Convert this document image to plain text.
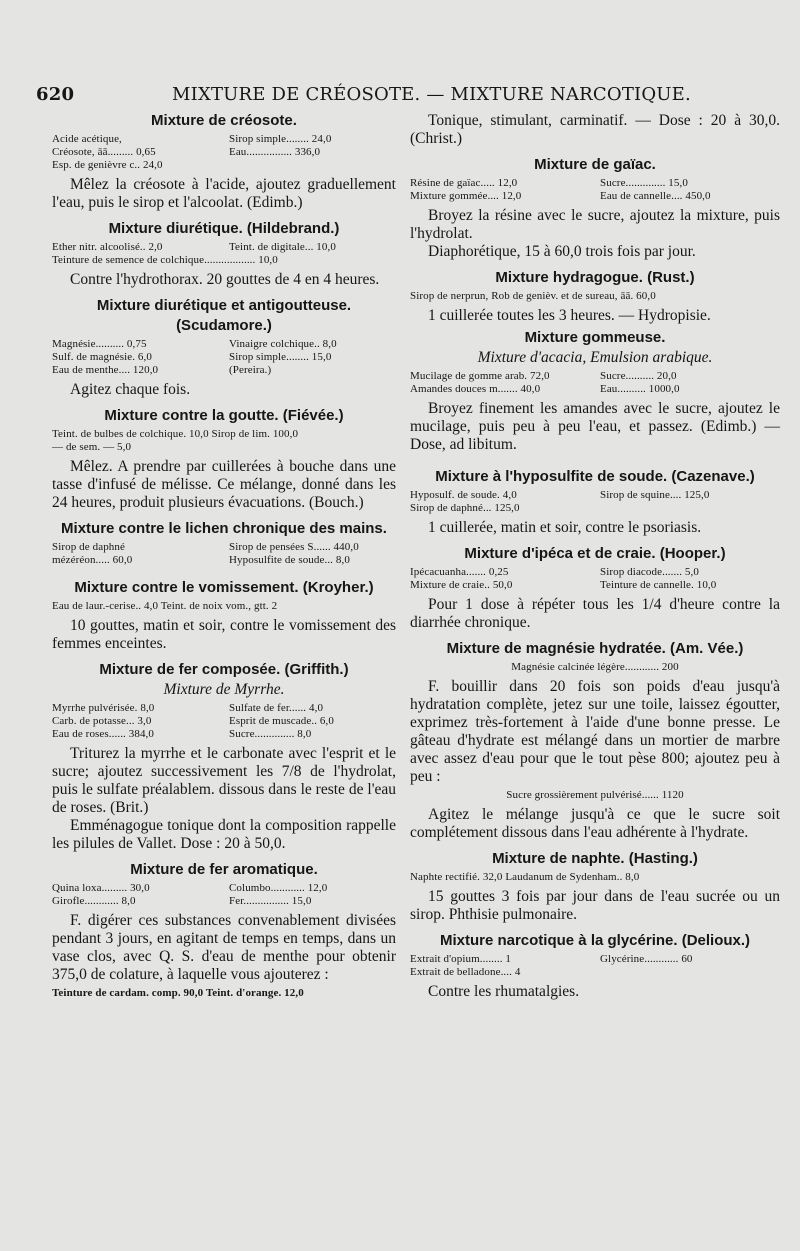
620	MIXTURE DE CRÉOSOTE. — MIXTURE NARCOTIQUE.
Mixture de créosote.
Acide acétique,	Sirop simple........ 24,0
Créosote, āā......... 0,65	Eau................ 336,0
Esp. de genièvre c.. 24,0

Mêlez la créosote à l'acide, ajoutez graduellement l'eau, puis le sirop et l'alcoolat. (Edimb.)

Mixture diurétique. (Hildebrand.)
Ether nitr. alcoolisé.. 2,0	Teint. de digitale... 10,0
Teinture de semence de colchique.................. 10,0

Contre l'hydrothorax. 20 gouttes de 4 en 4 heures.

Mixture diurétique et antigoutteuse.
(Scudamore.)
Magnésie.......... 0,75	Vinaigre colchique.. 8,0
Sulf. de magnésie. 6,0	Sirop simple........ 15,0
Eau de menthe.... 120,0	(Pereira.)

Agitez chaque fois.

Mixture contre la goutte. (Fiévée.)
Teint. de bulbes de colchique. 10,0 Sirop de lim. 100,0
— de sem. — 5,0

Mêlez. A prendre par cuillerées à bouche dans une tasse d'infusé de mélisse. Ce mélange, donné dans les 24 heures, produit plusieurs évacuations. (Bouch.)

Mixture contre le lichen chronique des mains.
Sirop de daphné	Sirop de pensées S...... 440,0
mézéréon..... 60,0	Hyposulfite de soude... 8,0
Mixture contre le vomissement. (Kroyher.)
Eau de laur.-cerise.. 4,0 Teint. de noix vom., gtt. 2

10 gouttes, matin et soir, contre le vomissement des femmes enceintes.

Mixture de fer composée. (Griffith.)
Mixture de Myrrhe.
Myrrhe pulvérisée. 8,0	Sulfate de fer...... 4,0
Carb. de potasse... 3,0	Esprit de muscade.. 6,0
Eau de roses...... 384,0	Sucre.............. 8,0

Triturez la myrrhe et le carbonate avec l'esprit et le sucre; ajoutez successivement les 7/8 de l'hydrolat, puis le sulfate préalablem. dissous dans le reste de l'eau de roses. (Brit.)

Emménagogue tonique dont la composition rappelle les pilules de Vallet. Dose : 20 à 50,0.

Mixture de fer aromatique.
Quina loxa......... 30,0	Columbo............ 12,0
Girofle............ 8,0	Fer................ 15,0

F. digérer ces substances convenablement divisées pendant 3 jours, en agitant de temps en temps, dans un vase clos, avec Q. S. d'eau de menthe pour obtenir 375,0 de colature, à laquelle vous ajouterez :

Teinture de cardam. comp. 90,0 Teint. d'orange. 12,0

Tonique, stimulant, carminatif. — Dose : 20 à 30,0. (Christ.)

Mixture de gaïac.
Résine de gaïac..... 12,0	Sucre.............. 15,0
Mixture gommée.... 12,0	Eau de cannelle.... 450,0

Broyez la résine avec le sucre, ajoutez la mixture, puis l'hydrolat.

Diaphorétique, 15 à 60,0 trois fois par jour.

Mixture hydragogue. (Rust.)
Sirop de nerprun, Rob de genièv. et de sureau, āā. 60,0

1 cuillerée toutes les 3 heures. — Hydropisie.

Mixture gommeuse.
Mixture d'acacia, Emulsion arabique.
Mucilage de gomme arab. 72,0	Sucre.......... 20,0
Amandes douces m....... 40,0	Eau.......... 1000,0

Broyez finement les amandes avec le sucre, ajoutez le mucilage, puis peu à peu l'eau, et passez. (Edimb.) — Dose, ad libitum.

Mixture à l'hyposulfite de soude. (Cazenave.)
Hyposulf. de soude. 4,0	Sirop de squine.... 125,0
Sirop de daphné... 125,0

1 cuillerée, matin et soir, contre le psoriasis.

Mixture d'ipéca et de craie. (Hooper.)
Ipécacuanha....... 0,25	Sirop diacode....... 5,0
Mixture de craie.. 50,0	Teinture de cannelle. 10,0

Pour 1 dose à répéter tous les 1/4 d'heure contre la diarrhée chronique.

Mixture de magnésie hydratée. (Am. Vée.)
Magnésie calcinée légère............ 200

F. bouillir dans 20 fois son poids d'eau jusqu'à hydratation complète, jetez sur une toile, laissez égoutter, exprimez très-fortement à l'aide d'une bonne presse. Le gâteau d'hydrate est mélangé dans un mortier de marbre avec assez d'eau pour que le tout pèse 800; ajoutez peu à peu :

Sucre grossièrement pulvérisé...... 1120

Agitez le mélange jusqu'à ce que le sucre soit complétement dissous dans l'eau adhérente à l'hydrate.

Mixture de naphte. (Hasting.)
Naphte rectifié. 32,0 Laudanum de Sydenham.. 8,0

15 gouttes 3 fois par jour dans de l'eau sucrée ou un sirop. Phthisie pulmonaire.

Mixture narcotique à la glycérine. (Delioux.)
Extrait d'opium........ 1	Glycérine............ 60
Extrait de belladone.... 4

Contre les rhumatalgies.
